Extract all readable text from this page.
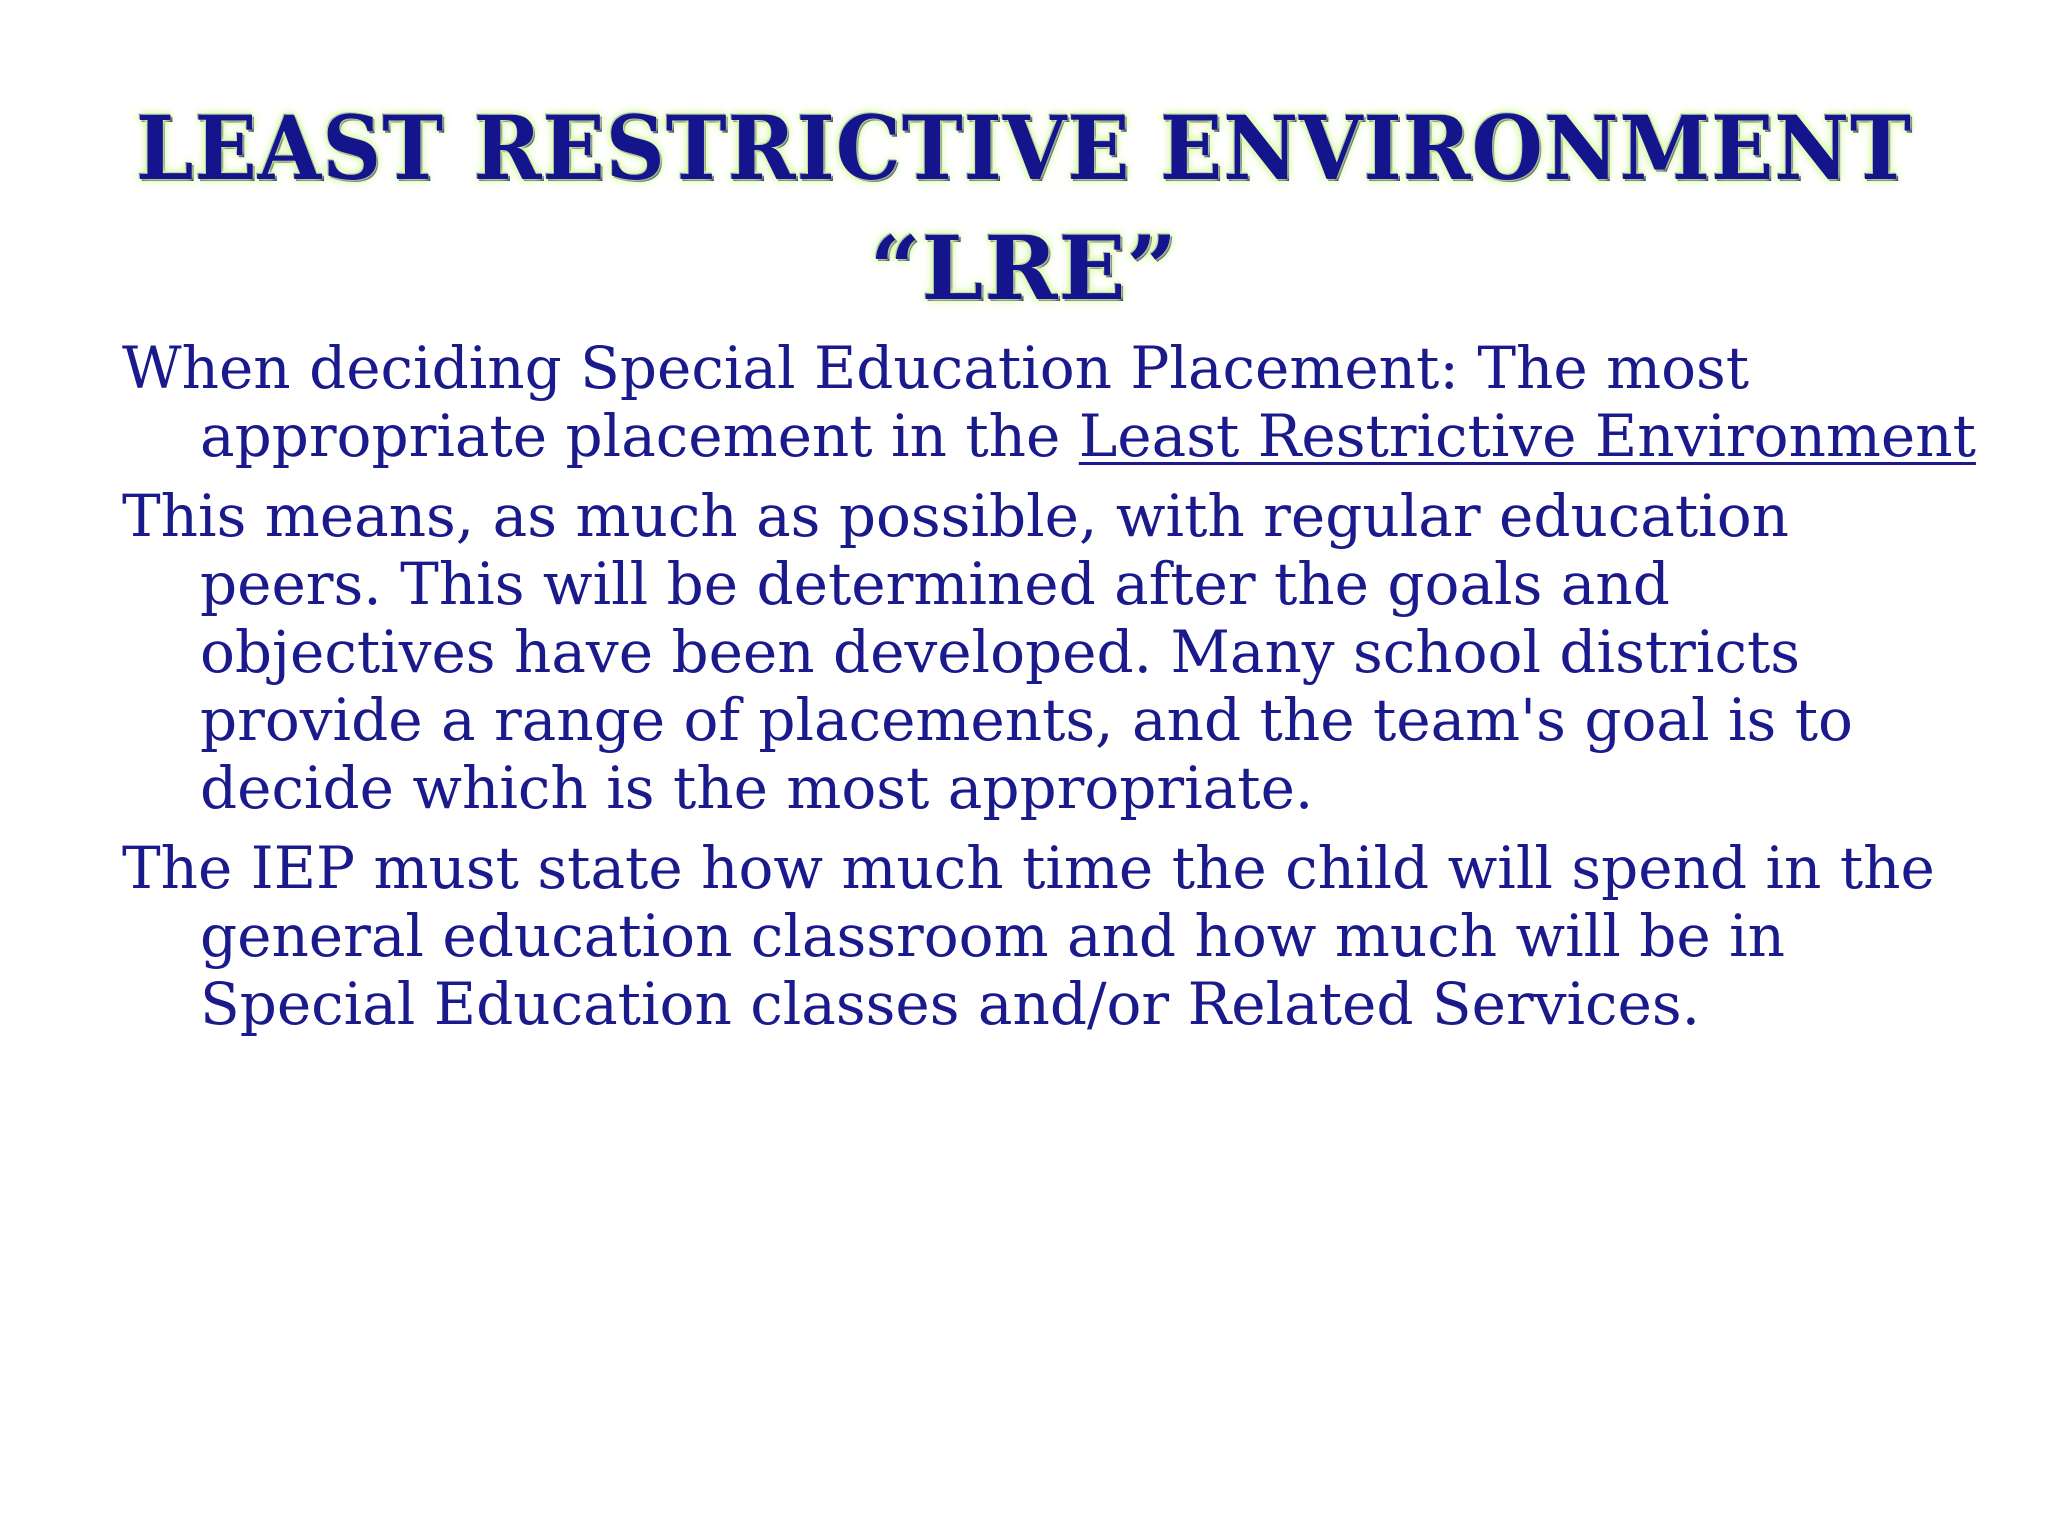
LEAST RESTRICTIVE ENVIRONMENT
“LRE”

When deciding Special Education Placement: The most appropriate placement in the Least Restrictive Environment

This means, as much as possible, with regular education peers. This will be determined after the goals and objectives have been developed. Many school districts provide a range of placements, and the team's goal is to decide which is the most appropriate.

The IEP must state how much time the child will spend in the general education classroom and how much will be in Special Education classes and/or Related Services.
